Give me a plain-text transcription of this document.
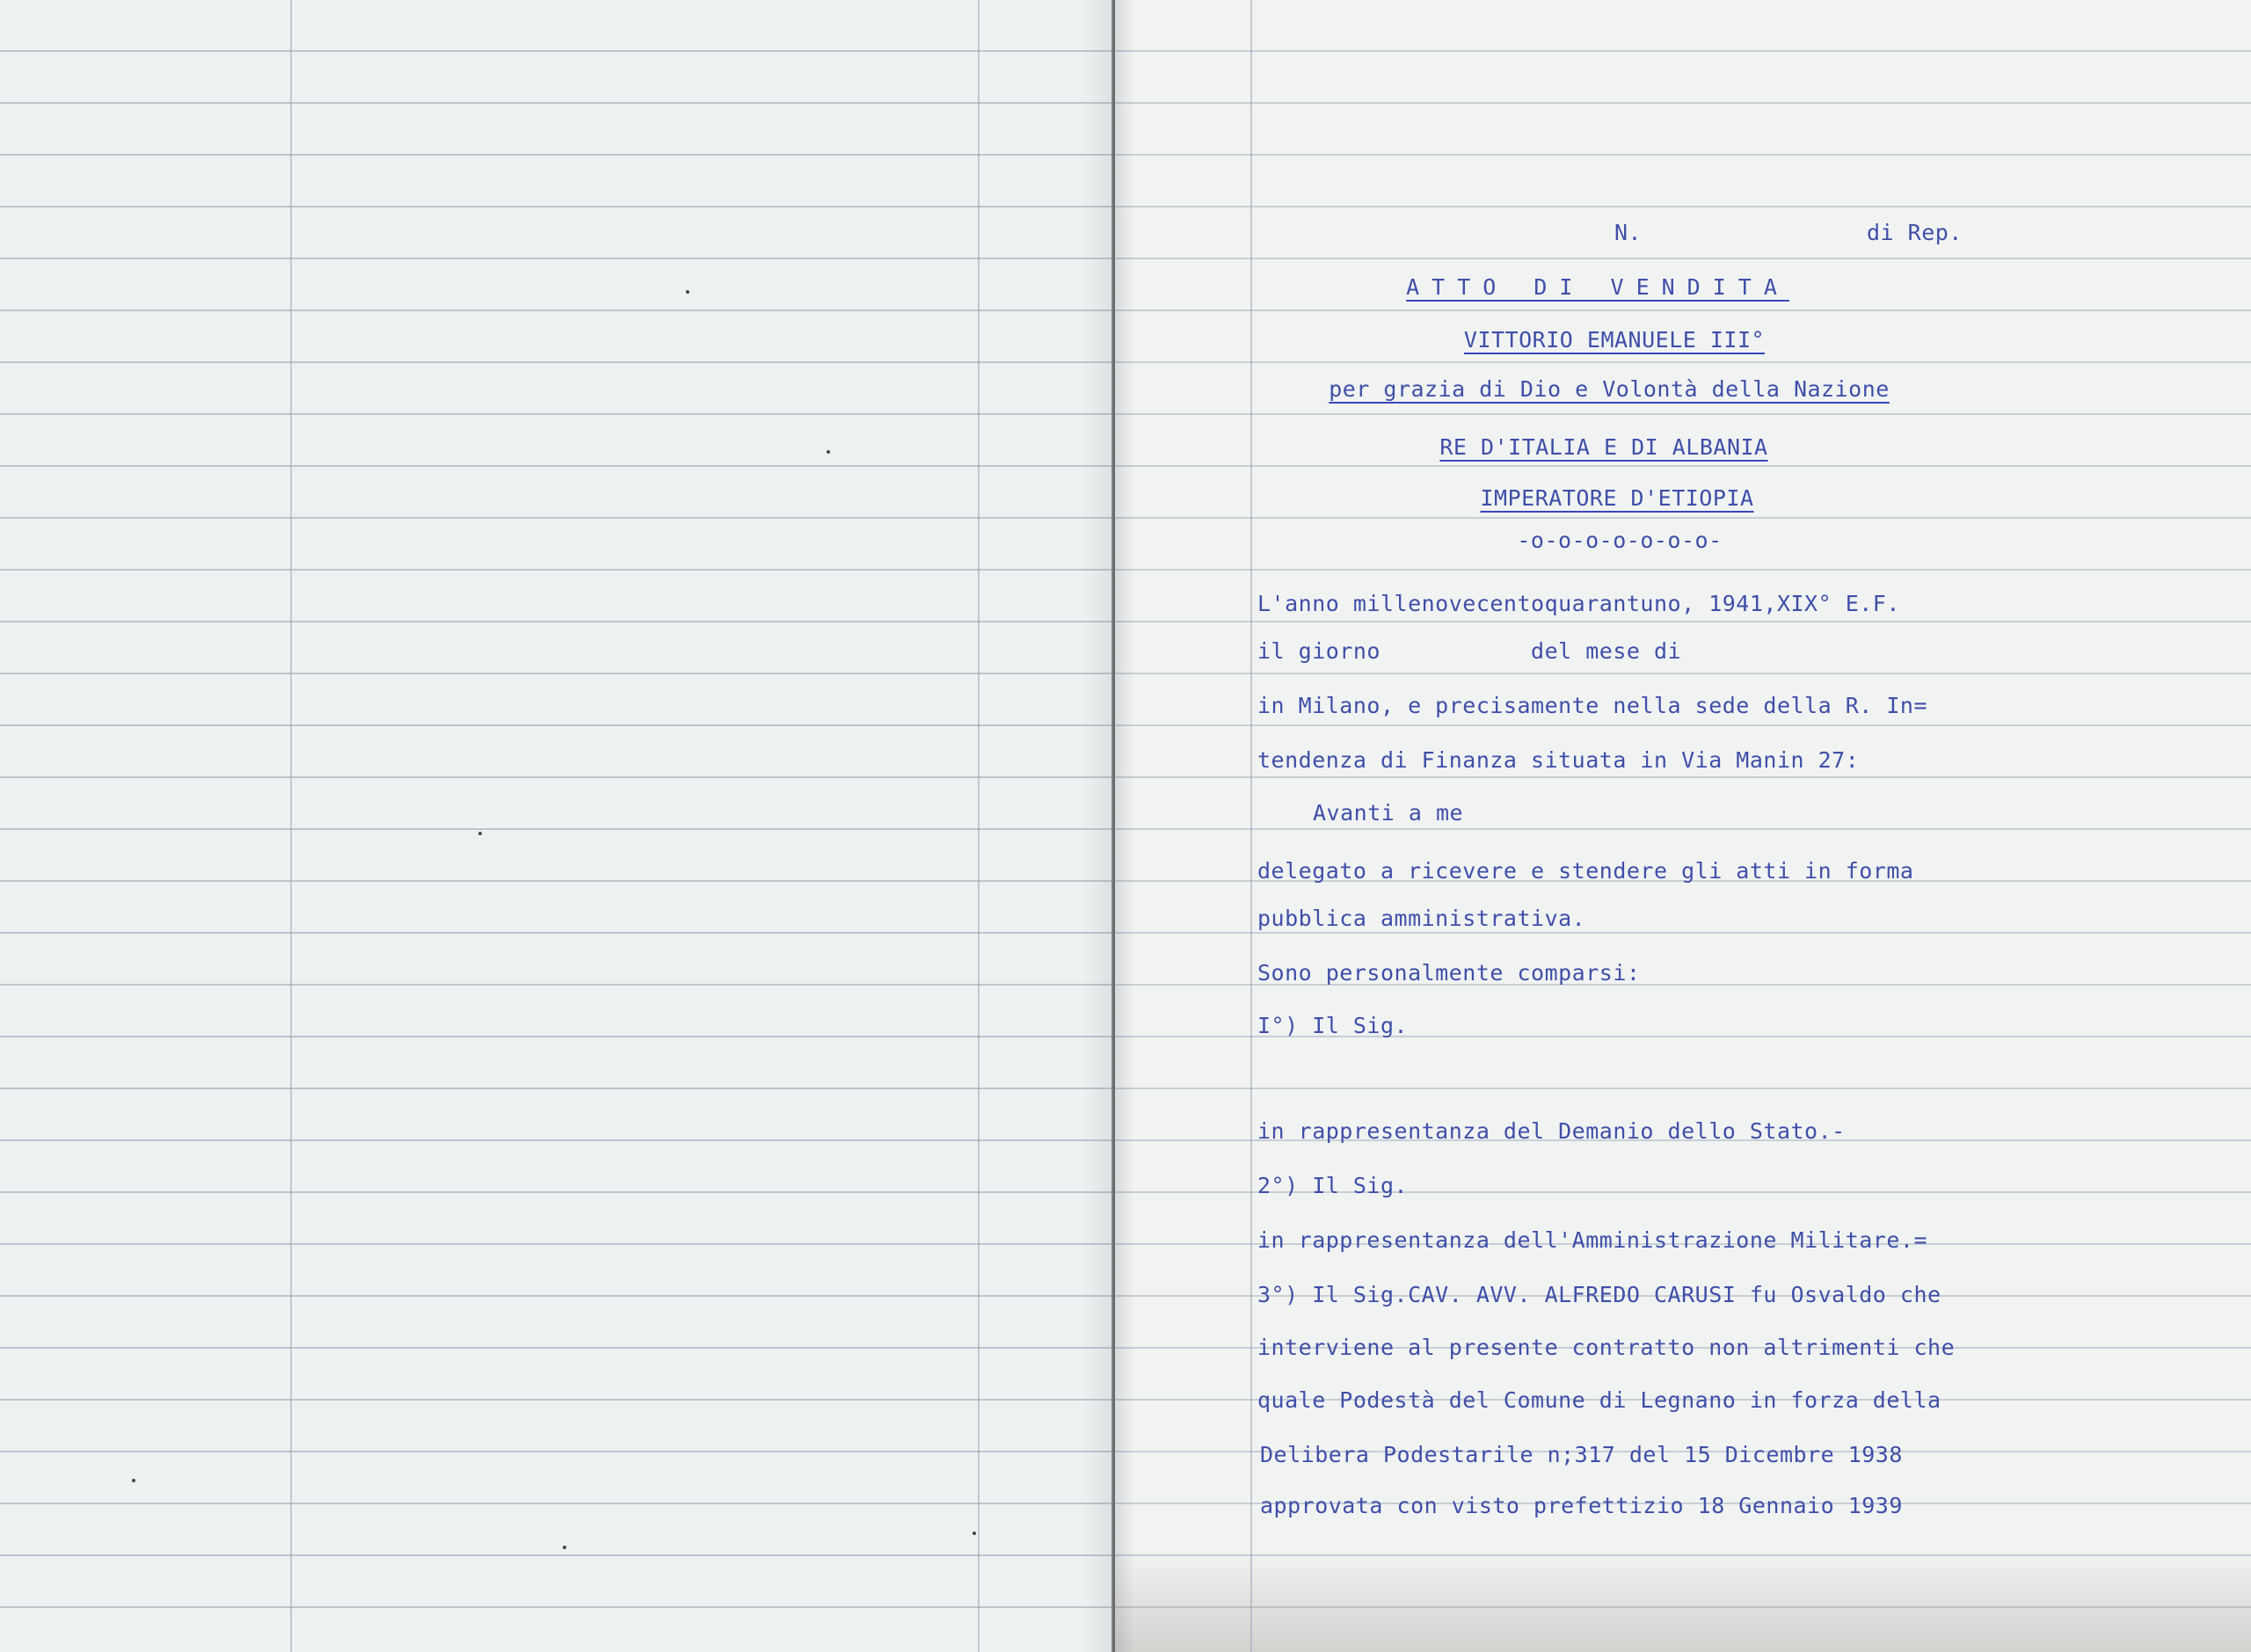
N.	di Rep.
ATTO DI VENDITA
VITTORIO EMANUELE III°
per grazia di Dio e Volontà della Nazione
RE D'ITALIA E DI ALBANIA
IMPERATORE D'ETIOPIA
-o-o-o-o-o-o-o-
L'anno millenovecentoquarantuno, 1941,XIX° E.F.
il giorno           del mese di
in Milano, e precisamente nella sede della R. In=
tendenza di Finanza situata in Via Manin 27:
Avanti a me
delegato a ricevere e stendere gli atti in forma
pubblica amministrativa.
Sono personalmente comparsi:
I°) Il Sig.
in rappresentanza del Demanio dello Stato.-
2°) Il Sig.
in rappresentanza dell'Amministrazione Militare.=
3°) Il Sig.CAV. AVV. ALFREDO CARUSI fu Osvaldo che
interviene al presente contratto non altrimenti che
quale Podestà del Comune di Legnano in forza della
Delibera Podestarile n;317 del 15 Dicembre 1938
approvata con visto prefettizio 18 Gennaio 1939
